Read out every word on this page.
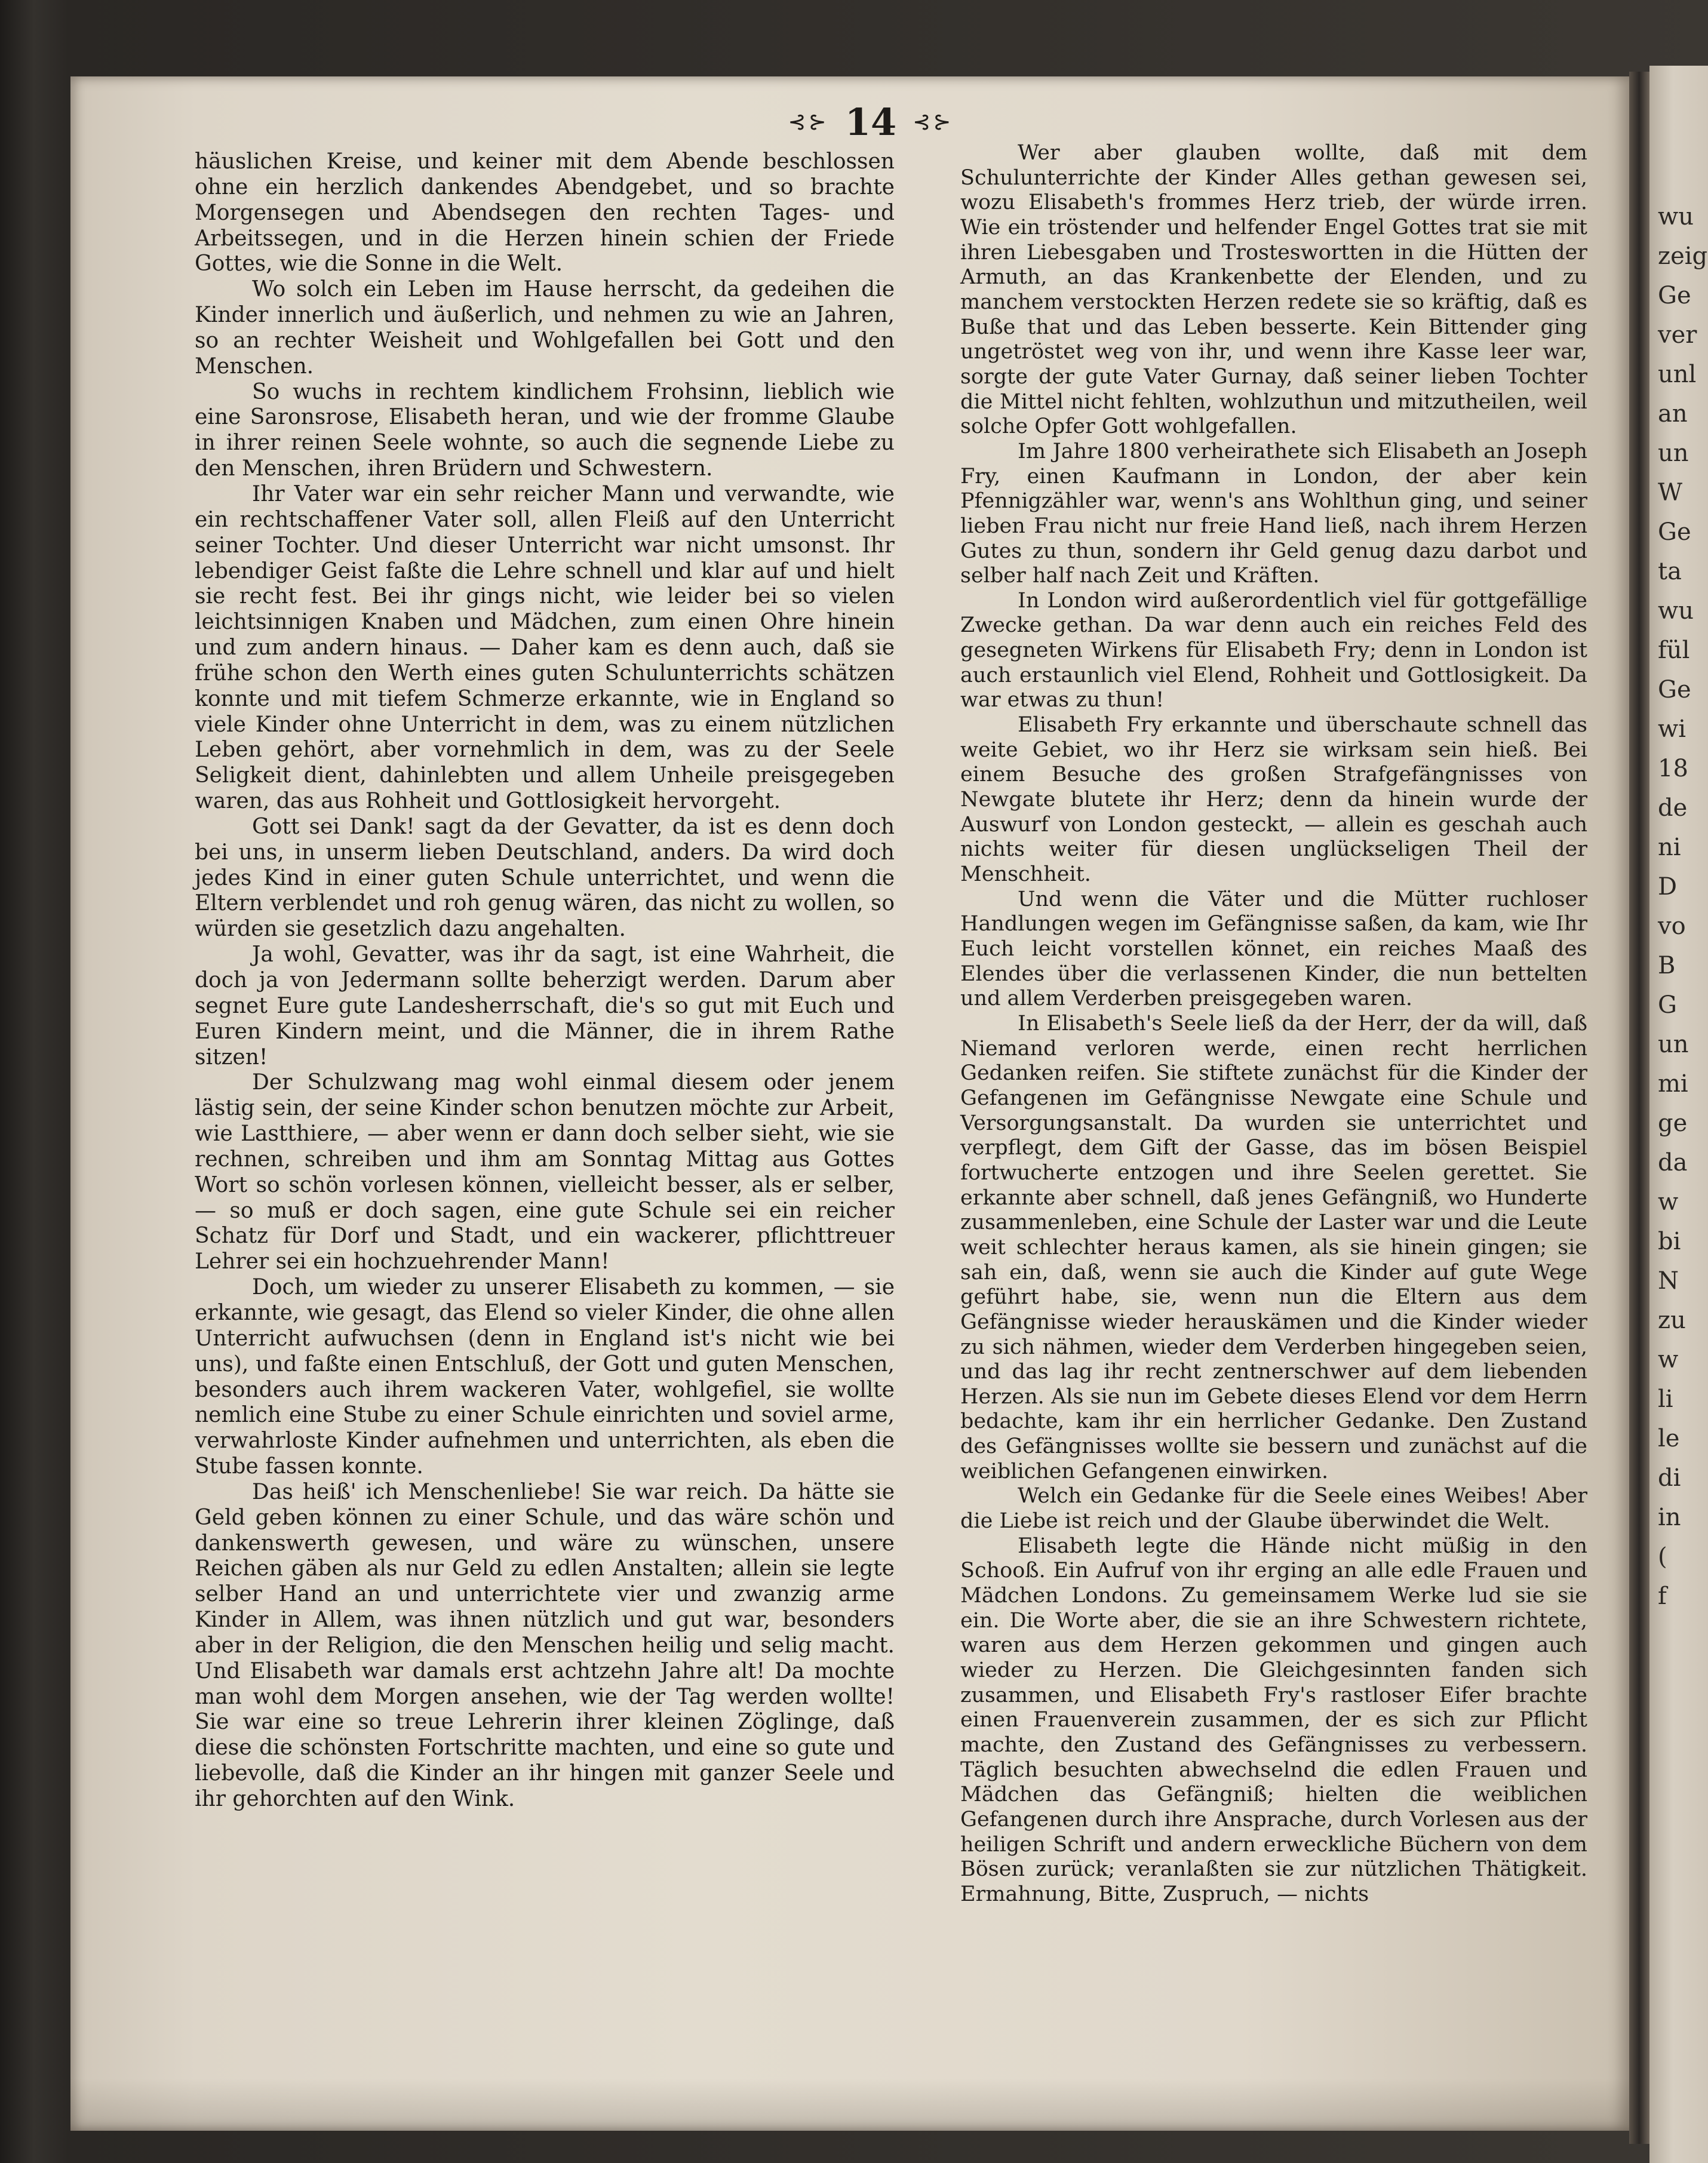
wu
zeig
Ge
ver
unl
an
un
W
Ge
ta
wu
fül
Ge
wi
18
de
ni
D
vo
B
G
un
mi
ge
da
w
bi
N
zu
w
li
le
di
in
(
f
⊰⊱ 14 ⊰⊱

häuslichen Kreise, und keiner mit dem Abende beschlossen ohne ein herzlich dankendes Abendgebet, und so brachte Morgensegen und Abendsegen den rechten Tages- und Arbeitssegen, und in die Herzen hinein schien der Friede Gottes, wie die Sonne in die Welt.

Wo solch ein Leben im Hause herrscht, da gedeihen die Kinder innerlich und äußerlich, und nehmen zu wie an Jahren, so an rechter Weisheit und Wohlgefallen bei Gott und den Menschen.

So wuchs in rechtem kindlichem Frohsinn, lieblich wie eine Saronsrose, Elisabeth heran, und wie der fromme Glaube in ihrer reinen Seele wohnte, so auch die segnende Liebe zu den Menschen, ihren Brüdern und Schwestern.

Ihr Vater war ein sehr reicher Mann und verwandte, wie ein rechtschaffener Vater soll, allen Fleiß auf den Unterricht seiner Tochter. Und dieser Unterricht war nicht umsonst. Ihr lebendiger Geist faßte die Lehre schnell und klar auf und hielt sie recht fest. Bei ihr gings nicht, wie leider bei so vielen leichtsinnigen Knaben und Mädchen, zum einen Ohre hinein und zum andern hinaus. — Daher kam es denn auch, daß sie frühe schon den Werth eines guten Schulunterrichts schätzen konnte und mit tiefem Schmerze erkannte, wie in England so viele Kinder ohne Unterricht in dem, was zu einem nützlichen Leben gehört, aber vornehmlich in dem, was zu der Seele Seligkeit dient, dahinlebten und allem Unheile preisgegeben waren, das aus Rohheit und Gottlosigkeit hervorgeht.

Gott sei Dank! sagt da der Gevatter, da ist es denn doch bei uns, in unserm lieben Deutschland, anders. Da wird doch jedes Kind in einer guten Schule unterrichtet, und wenn die Eltern verblendet und roh genug wären, das nicht zu wollen, so würden sie gesetzlich dazu angehalten.

Ja wohl, Gevatter, was ihr da sagt, ist eine Wahrheit, die doch ja von Jedermann sollte beherzigt werden. Darum aber segnet Eure gute Landesherrschaft, die's so gut mit Euch und Euren Kindern meint, und die Männer, die in ihrem Rathe sitzen!

Der Schulzwang mag wohl einmal diesem oder jenem lästig sein, der seine Kinder schon benutzen möchte zur Arbeit, wie Lastthiere, — aber wenn er dann doch selber sieht, wie sie rechnen, schreiben und ihm am Sonntag Mittag aus Gottes Wort so schön vorlesen können, vielleicht besser, als er selber, — so muß er doch sagen, eine gute Schule sei ein reicher Schatz für Dorf und Stadt, und ein wackerer, pflichttreuer Lehrer sei ein hochzuehrender Mann!

Doch, um wieder zu unserer Elisabeth zu kommen, — sie erkannte, wie gesagt, das Elend so vieler Kinder, die ohne allen Unterricht aufwuchsen (denn in England ist's nicht wie bei uns), und faßte einen Entschluß, der Gott und guten Menschen, besonders auch ihrem wackeren Vater, wohlgefiel, sie wollte nemlich eine Stube zu einer Schule einrichten und soviel arme, verwahrloste Kinder aufnehmen und unterrichten, als eben die Stube fassen konnte.

Das heiß' ich Menschenliebe! Sie war reich. Da hätte sie Geld geben können zu einer Schule, und das wäre schön und dankenswerth gewesen, und wäre zu wünschen, unsere Reichen gäben als nur Geld zu edlen Anstalten; allein sie legte selber Hand an und unterrichtete vier und zwanzig arme Kinder in Allem, was ihnen nützlich und gut war, besonders aber in der Religion, die den Menschen heilig und selig macht. Und Elisabeth war damals erst achtzehn Jahre alt! Da mochte man wohl dem Morgen ansehen, wie der Tag werden wollte! Sie war eine so treue Lehrerin ihrer kleinen Zöglinge, daß diese die schönsten Fortschritte machten, und eine so gute und liebevolle, daß die Kinder an ihr hingen mit ganzer Seele und ihr gehorchten auf den Wink.

Wer aber glauben wollte, daß mit dem Schulunterrichte der Kinder Alles gethan gewesen sei, wozu Elisabeth's frommes Herz trieb, der würde irren. Wie ein tröstender und helfender Engel Gottes trat sie mit ihren Liebesgaben und Trosteswortten in die Hütten der Armuth, an das Krankenbette der Elenden, und zu manchem verstockten Herzen redete sie so kräftig, daß es Buße that und das Leben besserte. Kein Bittender ging ungetröstet weg von ihr, und wenn ihre Kasse leer war, sorgte der gute Vater Gurnay, daß seiner lieben Tochter die Mittel nicht fehlten, wohlzuthun und mitzutheilen, weil solche Opfer Gott wohlgefallen.

Im Jahre 1800 verheirathete sich Elisabeth an Joseph Fry, einen Kaufmann in London, der aber kein Pfennigzähler war, wenn's ans Wohlthun ging, und seiner lieben Frau nicht nur freie Hand ließ, nach ihrem Herzen Gutes zu thun, sondern ihr Geld genug dazu darbot und selber half nach Zeit und Kräften.

In London wird außerordentlich viel für gottgefällige Zwecke gethan. Da war denn auch ein reiches Feld des gesegneten Wirkens für Elisabeth Fry; denn in London ist auch erstaunlich viel Elend, Rohheit und Gottlosigkeit. Da war etwas zu thun!

Elisabeth Fry erkannte und überschaute schnell das weite Gebiet, wo ihr Herz sie wirksam sein hieß. Bei einem Besuche des großen Strafgefängnisses von Newgate blutete ihr Herz; denn da hinein wurde der Auswurf von London gesteckt, — allein es geschah auch nichts weiter für diesen unglückseligen Theil der Menschheit.

Und wenn die Väter und die Mütter ruchloser Handlungen wegen im Gefängnisse saßen, da kam, wie Ihr Euch leicht vorstellen könnet, ein reiches Maaß des Elendes über die verlassenen Kinder, die nun bettelten und allem Verderben preisgegeben waren.

In Elisabeth's Seele ließ da der Herr, der da will, daß Niemand verloren werde, einen recht herrlichen Gedanken reifen. Sie stiftete zunächst für die Kinder der Gefangenen im Gefängnisse Newgate eine Schule und Versorgungsanstalt. Da wurden sie unterrichtet und verpflegt, dem Gift der Gasse, das im bösen Beispiel fortwucherte entzogen und ihre Seelen gerettet. Sie erkannte aber schnell, daß jenes Gefängniß, wo Hunderte zusammenleben, eine Schule der Laster war und die Leute weit schlechter heraus kamen, als sie hinein gingen; sie sah ein, daß, wenn sie auch die Kinder auf gute Wege geführt habe, sie, wenn nun die Eltern aus dem Gefängnisse wieder herauskämen und die Kinder wieder zu sich nähmen, wieder dem Verderben hingegeben seien, und das lag ihr recht zentnerschwer auf dem liebenden Herzen. Als sie nun im Gebete dieses Elend vor dem Herrn bedachte, kam ihr ein herrlicher Gedanke. Den Zustand des Gefängnisses wollte sie bessern und zunächst auf die weiblichen Gefangenen einwirken.

Welch ein Gedanke für die Seele eines Weibes! Aber die Liebe ist reich und der Glaube überwindet die Welt.

Elisabeth legte die Hände nicht müßig in den Schooß. Ein Aufruf von ihr erging an alle edle Frauen und Mädchen Londons. Zu gemeinsamem Werke lud sie sie ein. Die Worte aber, die sie an ihre Schwestern richtete, waren aus dem Herzen gekommen und gingen auch wieder zu Herzen. Die Gleichgesinnten fanden sich zusammen, und Elisabeth Fry's rastloser Eifer brachte einen Frauenverein zusammen, der es sich zur Pflicht machte, den Zustand des Gefängnisses zu verbessern. Täglich besuchten abwechselnd die edlen Frauen und Mädchen das Gefängniß; hielten die weiblichen Gefangenen durch ihre Ansprache, durch Vorlesen aus der heiligen Schrift und andern erweckliche Büchern von dem Bösen zurück; veranlaßten sie zur nützlichen Thätigkeit. Ermahnung, Bitte, Zuspruch, — nichts
